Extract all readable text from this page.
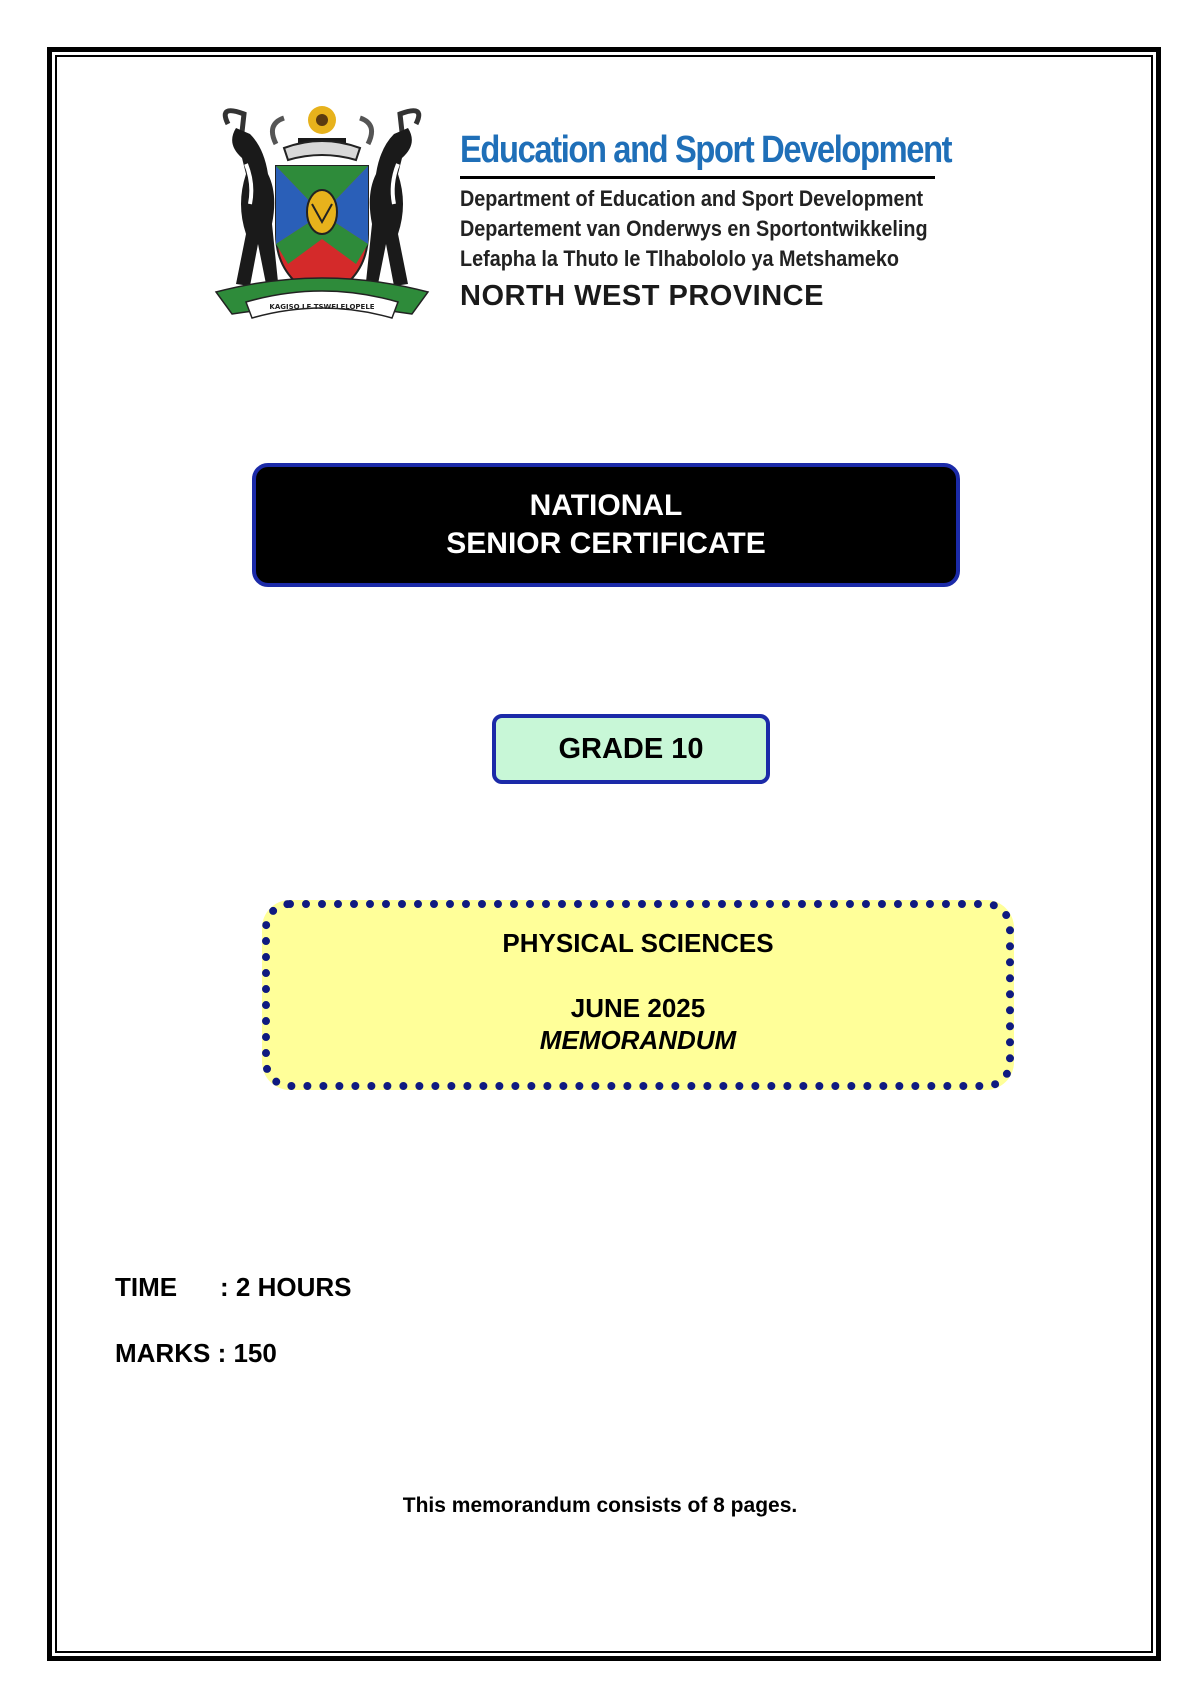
KAGISO LE TSWELELOPELE
Education and Sport Development
Department of Education and Sport Development
Departement van Onderwys en Sportontwikkeling
Lefapha la Thuto le Tlhabololo ya Metshameko
NORTH WEST PROVINCE
NATIONAL
SENIOR CERTIFICATE
GRADE 10
PHYSICAL SCIENCES
JUNE 2025
MEMORANDUM
TIME : 2 HOURS
MARKS : 150
This memorandum consists of 8 pages.
